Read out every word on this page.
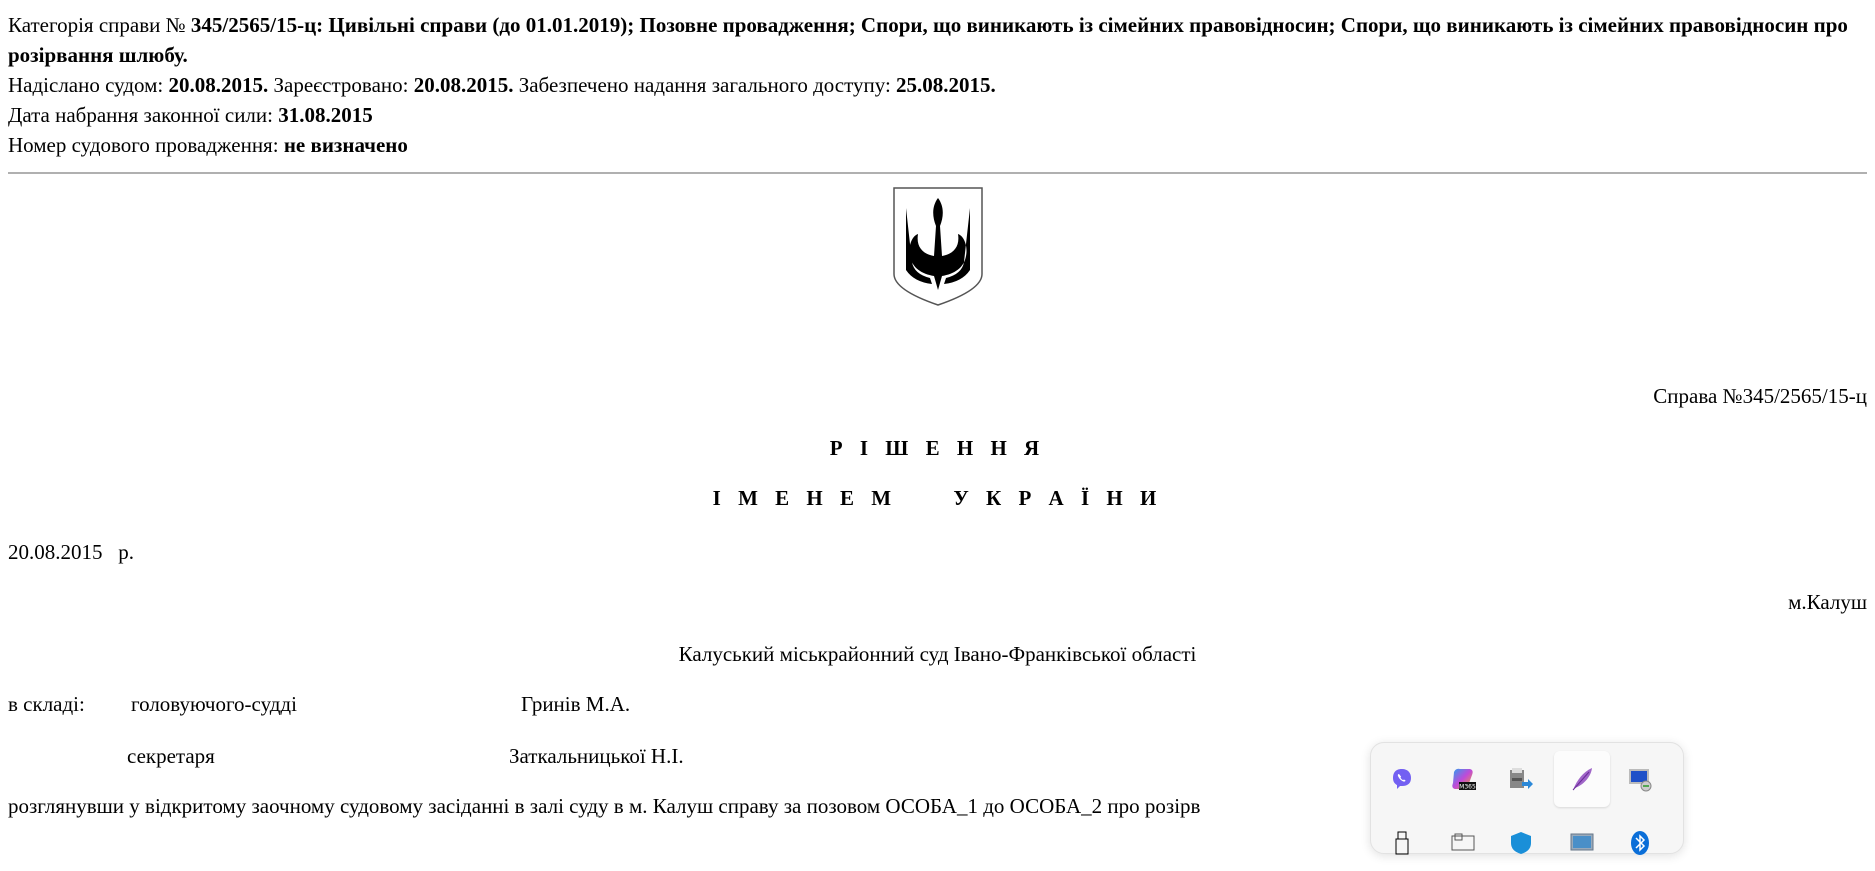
Категорія справи № 345/2565/15-ц: Цивільні справи (до 01.01.2019); Позовне провадження; Спори, що виникають із сімейних правовідносин; Спори, що виникають із сімейних правовідносин про розірвання шлюбу.
Надіслано судом: 20.08.2015. Зареєстровано: 20.08.2015. Забезпечено надання загального доступу: 25.08.2015.
Дата набрання законної сили: 31.08.2015
Номер судового провадження: не визначено
Справа №345/2565/15-ц
Р І Ш Е Н Н Я
І М Е Н Е М     У К Р А Ї Н И
20.08.2015   р.
м.Калуш
Калуський міськрайонний суд Івано-Франківської області
в складі: головуючого-судді	Гринів М.А.
секретаря	Заткальницької Н.І.
розглянувши у відкритому заочному судовому засіданні в залі суду в м. Калуш справу за позовом ОСОБА_1 до ОСОБА_2 про розірв
M365
